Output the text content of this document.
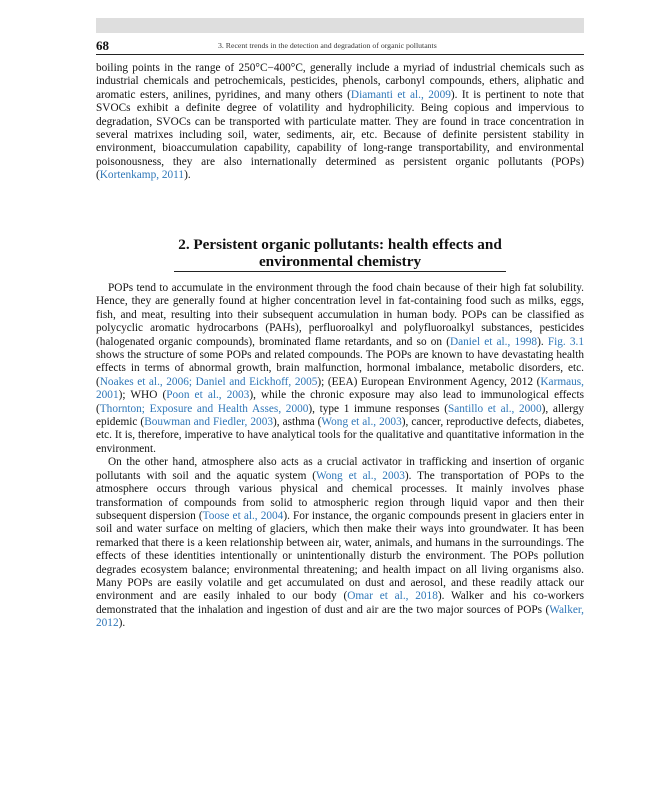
68	3. Recent trends in the detection and degradation of organic pollutants

boiling points in the range of 250°C−400°C, generally include a myriad of industrial chemicals such as industrial chemicals and petrochemicals, pesticides, phenols, carbonyl compounds, ethers, aliphatic and aromatic esters, anilines, pyridines, and many others (Diamanti et al., 2009). It is pertinent to note that SVOCs exhibit a definite degree of volatility and hydrophilicity. Being copious and impervious to degradation, SVOCs can be transported with particulate matter. They are found in trace concentration in several matrixes including soil, water, sediments, air, etc. Because of definite persistent stability in environment, bioaccumulation capability, capability of long-range transportability, and environmental poisonousness, they are also internationally determined as persistent organic pollutants (POPs) (Kortenkamp, 2011).

2. Persistent organic pollutants: health effects and
environmental chemistry

POPs tend to accumulate in the environment through the food chain because of their high fat solubility. Hence, they are generally found at higher concentration level in fat-containing food such as milks, eggs, fish, and meat, resulting into their subsequent accumulation in human body. POPs can be classified as polycyclic aromatic hydrocarbons (PAHs), perfluoroalkyl and polyfluoroalkyl substances, pesticides (halogenated organic compounds), brominated flame retardants, and so on (Daniel et al., 1998). Fig. 3.1 shows the structure of some POPs and related compounds. The POPs are known to have devastating health effects in terms of abnormal growth, brain malfunction, hormonal imbalance, metabolic disorders, etc. (Noakes et al., 2006; Daniel and Eickhoff, 2005); (EEA) European Environment Agency, 2012 (Karmaus, 2001); WHO (Poon et al., 2003), while the chronic exposure may also lead to immunological effects (Thornton; Exposure and Health Asses, 2000), type 1 immune responses (Santillo et al., 2000), allergy epidemic (Bouwman and Fiedler, 2003), asthma (Wong et al., 2003), cancer, reproductive defects, diabetes, etc. It is, therefore, imperative to have analytical tools for the qualitative and quantitative information in the environment.

On the other hand, atmosphere also acts as a crucial activator in trafficking and insertion of organic pollutants with soil and the aquatic system (Wong et al., 2003). The transportation of POPs to the atmosphere occurs through various physical and chemical processes. It mainly involves phase transformation of compounds from solid to atmospheric region through liquid vapor and then their subsequent dispersion (Toose et al., 2004). For instance, the organic compounds present in glaciers enter in soil and water surface on melting of glaciers, which then make their ways into groundwater. It has been remarked that there is a keen relationship between air, water, animals, and humans in the surroundings. The effects of these identities intentionally or unintentionally disturb the environment. The POPs pollution degrades ecosystem balance; environmental threatening; and health impact on all living organisms also. Many POPs are easily volatile and get accumulated on dust and aerosol, and these readily attack our environment and are easily inhaled to our body (Omar et al., 2018). Walker and his co-workers demonstrated that the inhalation and ingestion of dust and air are the two major sources of POPs (Walker, 2012).
